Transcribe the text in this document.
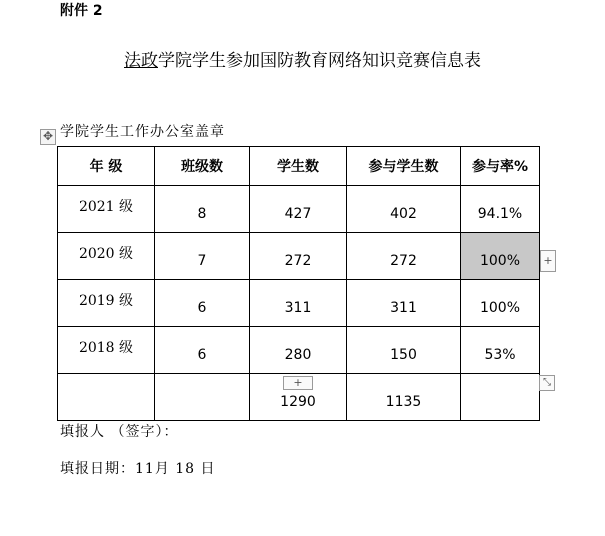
附件 2
法政学院学生参加国防教育网络知识竞赛信息表
学院学生工作办公室盖章
✥
年 级	班级数	学生数	参与学生数	参与率%
2021 级	8	427	402	94.1%
2020 级	7	272	272	100%
2019 级	6	311	311	100%
2018 级	6	280	150	53%
		1290	1135	
+
+	⤡
填报人 （签字）：
填报日期：11月 18 日
